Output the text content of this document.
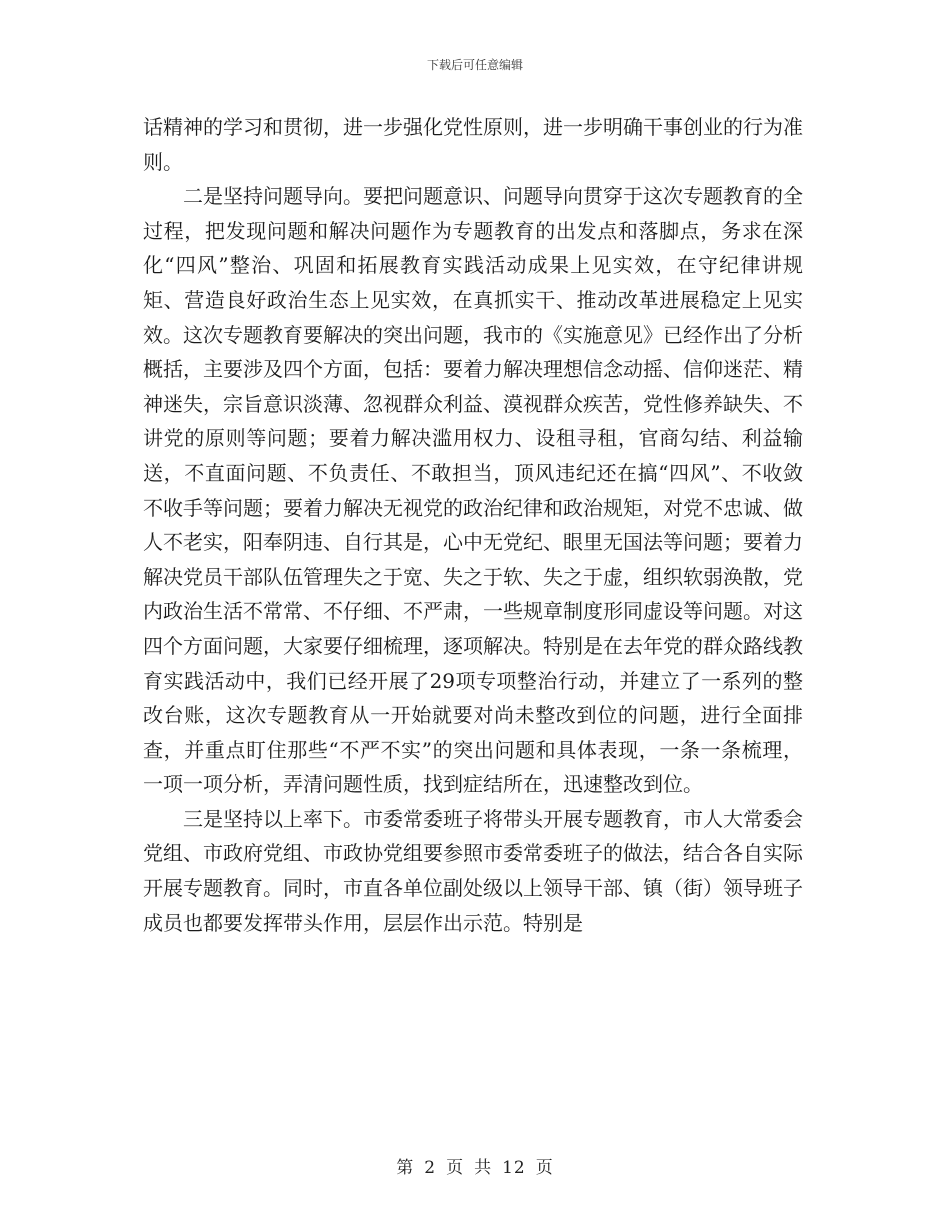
下载后可任意编辑

话精神的学习和贯彻，进一步强化党性原则，进一步明确干事创业的行为准则。

二是坚持问题导向。要把问题意识、问题导向贯穿于这次专题教育的全过程，把发现问题和解决问题作为专题教育的出发点和落脚点，务求在深化“四风”整治、巩固和拓展教育实践活动成果上见实效，在守纪律讲规矩、营造良好政治生态上见实效，在真抓实干、推动改革进展稳定上见实效。这次专题教育要解决的突出问题，我市的《实施意见》已经作出了分析概括，主要涉及四个方面，包括：要着力解决理想信念动摇、信仰迷茫、精神迷失，宗旨意识淡薄、忽视群众利益、漠视群众疾苦，党性修养缺失、不讲党的原则等问题；要着力解决滥用权力、设租寻租，官商勾结、利益输送，不直面问题、不负责任、不敢担当，顶风违纪还在搞“四风”、不收敛不收手等问题；要着力解决无视党的政治纪律和政治规矩，对党不忠诚、做人不老实，阳奉阴违、自行其是，心中无党纪、眼里无国法等问题；要着力解决党员干部队伍管理失之于宽、失之于软、失之于虚，组织软弱涣散，党内政治生活不常常、不仔细、不严肃，一些规章制度形同虚设等问题。对这四个方面问题，大家要仔细梳理，逐项解决。特别是在去年党的群众路线教育实践活动中，我们已经开展了29项专项整治行动，并建立了一系列的整改台账，这次专题教育从一开始就要对尚未整改到位的问题，进行全面排查，并重点盯住那些“不严不实”的突出问题和具体表现，一条一条梳理，一项一项分析，弄清问题性质，找到症结所在，迅速整改到位。

三是坚持以上率下。市委常委班子将带头开展专题教育，市人大常委会党组、市政府党组、市政协党组要参照市委常委班子的做法，结合各自实际开展专题教育。同时，市直各单位副处级以上领导干部、镇（街）领导班子成员也都要发挥带头作用，层层作出示范。特别是

第 2 页 共 12 页
